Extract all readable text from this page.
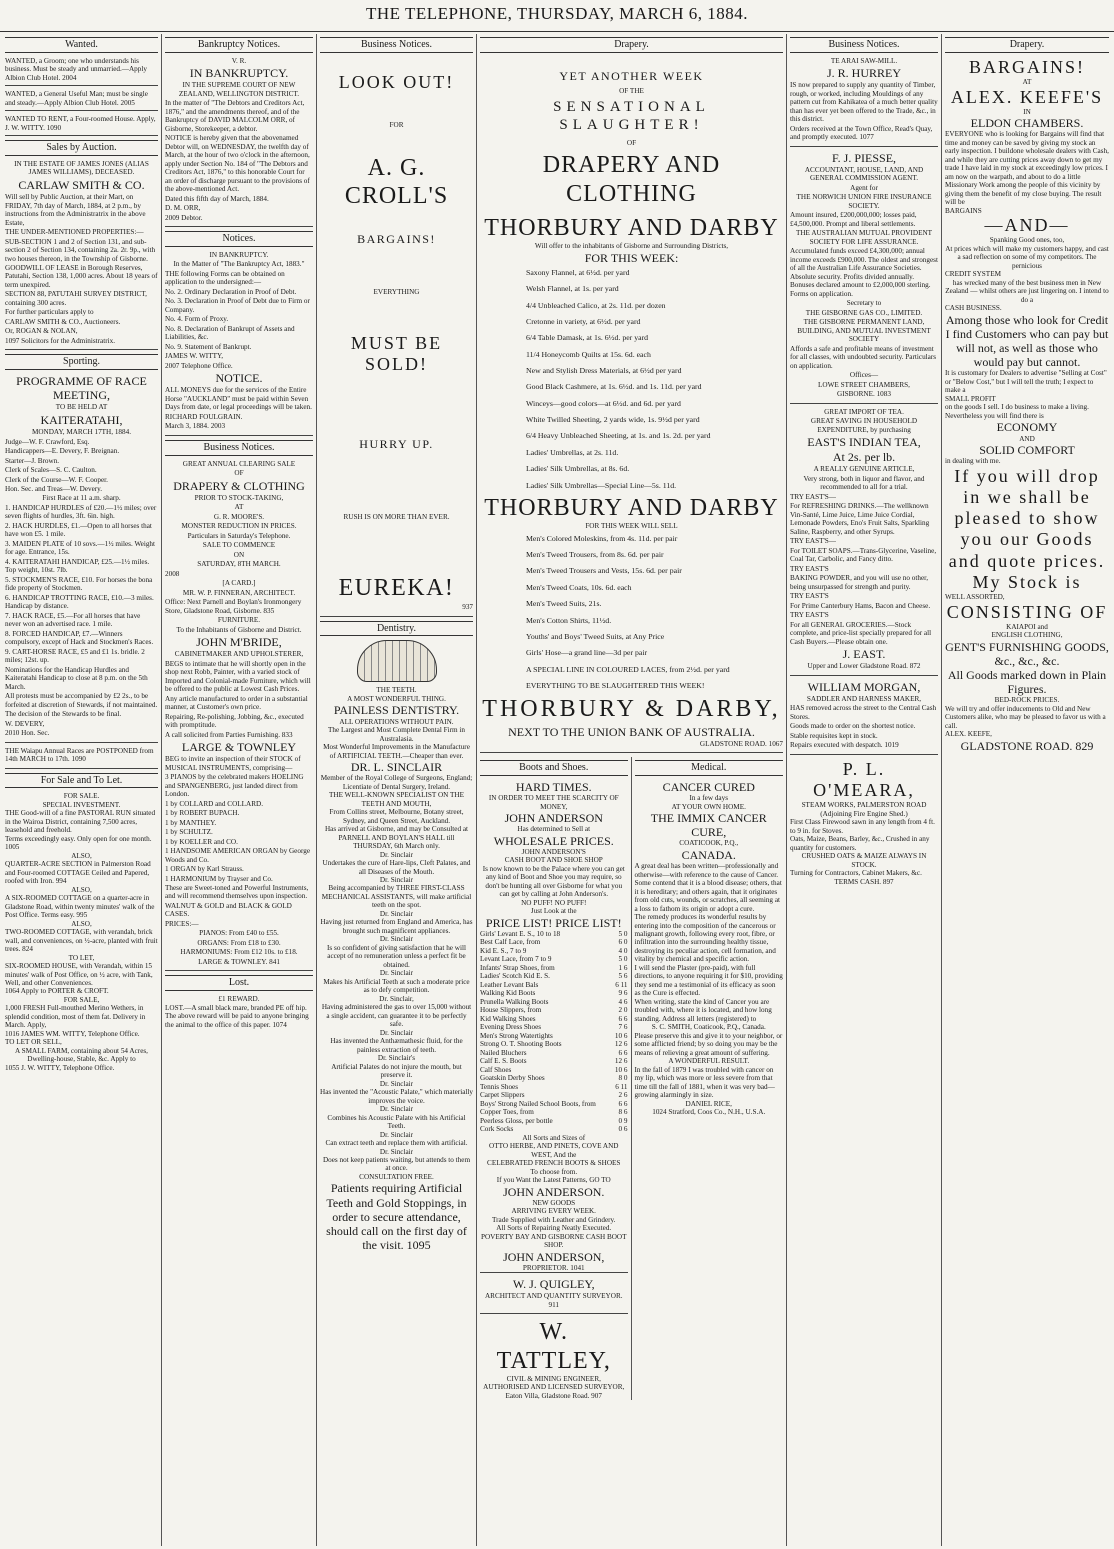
THE TELEPHONE, THURSDAY, MARCH 6, 1884.
Wanted.

WANTED, a Groom; one who understands his business. Must be steady and unmarried.—Apply Albion Club Hotel. 2004

WANTED, a General Useful Man; must be single and steady.—Apply Albion Club Hotel. 2005

WANTED TO RENT, a Four-roomed House. Apply, J. W. WITTY. 1090

Sales by Auction.

IN THE ESTATE OF JAMES JONES (ALIAS JAMES WILLIAMS), DECEASED.

CARLAW SMITH & CO.

Will sell by Public Auction, at their Mart, on FRIDAY, 7th day of March, 1884, at 2 p.m., by instructions from the Administratrix in the above Estate,

THE UNDER-MENTIONED PROPERTIES:—

SUB-SECTION 1 and 2 of Section 131, and sub-section 2 of Section 134, containing 2a. 2r. 9p., with two houses thereon, in the Township of Gisborne.

GOODWILL OF LEASE in Borough Reserves, Patutahi, Section 138, 1,000 acres. About 18 years of term unexpired.

SECTION 88, PATUTAHI SURVEY DISTRICT, containing 300 acres.

For further particulars apply to

CARLAW SMITH & CO., Auctioneers.

Or, ROGAN & NOLAN,

1097 Solicitors for the Administratrix.

Sporting.

PROGRAMME OF RACE MEETING,

TO BE HELD AT

KAITERATAHI,

MONDAY, MARCH 17TH, 1884.

Judge—W. F. Crawford, Esq.

Handicappers—E. Devery, F. Breignan.

Starter—J. Brown.

Clerk of Scales—S. C. Caulton.

Clerk of the Course—W. F. Cooper.

Hon. Sec. and Treas—W. Devery.

First Race at 11 a.m. sharp.

1. HANDICAP HURDLES of £20.—1½ miles; over seven flights of hurdles, 3ft. 6in. high.

2. HACK HURDLES, £1.—Open to all horses that have won £5. 1 mile.

3. MAIDEN PLATE of 10 sovs.—1½ miles. Weight for age. Entrance, 15s.

4. KAITERATAHI HANDICAP, £25.—1½ miles. Top weight, 10st. 7lb.

5. STOCKMEN'S RACE, £10. For horses the bona fide property of Stockmen.

6. HANDICAP TROTTING RACE, £10.—3 miles. Handicap by distance.

7. HACK RACE, £5.—For all horses that have never won an advertised race. 1 mile.

8. FORCED HANDICAP, £7.—Winners compulsory, except of Hack and Stockmen's Races.

9. CART-HORSE RACE, £5 and £1 1s. bridle. 2 miles; 12st. up.

Nominations for the Handicap Hurdles and Kaiteratahi Handicap to close at 8 p.m. on the 5th March.

All protests must be accompanied by £2 2s., to be forfeited at discretion of Stewards, if not maintained.

The decision of the Stewards to be final.

W. DEVERY,

2010 Hon. Sec.

THE Waiapu Annual Races are POSTPONED from 14th MARCH to 17th. 1090

For Sale and To Let.

FOR SALE.

SPECIAL INVESTMENT.

THE Good-will of a fine PASTORAL RUN situated in the Wairoa District, containing 7,500 acres, leasehold and freehold.

Terms exceedingly easy. Only open for one month. 1005

ALSO,

QUARTER-ACRE SECTION in Palmerston Road and Four-roomed COTTAGE Ceiled and Papered, roofed with Iron. 994

ALSO,

A SIX-ROOMED COTTAGE on a quarter-acre in Gladstone Road, within twenty minutes' walk of the Post Office. Terms easy. 995

ALSO,

TWO-ROOMED COTTAGE, with verandah, brick wall, and conveniences, on ½-acre, planted with fruit trees. 824

TO LET,

SIX-ROOMED HOUSE, with Verandah, within 15 minutes' walk of Post Office, on ½ acre, with Tank, Well, and other Conveniences.

1064 Apply to PORTER & CROFT.

FOR SALE,

1,000 FRESH Full-mouthed Merino Wethers, in splendid condition, most of them fat. Delivery in March. Apply,

1016 JAMES WM. WITTY, Telephone Office.

TO LET OR SELL,

A SMALL FARM, containing about 54 Acres, Dwelling-house, Stable, &c. Apply to

1055 J. W. WITTY, Telephone Office.

Bankruptcy Notices.

V. R.

IN BANKRUPTCY.

IN THE SUPREME COURT OF NEW ZEALAND, WELLINGTON DISTRICT.

In the matter of "The Debtors and Creditors Act, 1876," and the amendments thereof, and of the Bankruptcy of DAVID MALCOLM ORR, of Gisborne, Storekeeper, a debtor.

NOTICE is hereby given that the abovenamed Debtor will, on WEDNESDAY, the twelfth day of March, at the hour of two o'clock in the afternoon, apply under Section No. 184 of "The Debtors and Creditors Act, 1876," to this honorable Court for an order of discharge pursuant to the provisions of the above-mentioned Act.

Dated this fifth day of March, 1884.

D. M. ORR,

2009 Debtor.

Notices.

IN BANKRUPTCY.

In the Matter of "The Bankruptcy Act, 1883."

THE following Forms can be obtained on application to the undersigned:—

No. 2. Ordinary Declaration in Proof of Debt.

No. 3. Declaration in Proof of Debt due to Firm or Company.

No. 4. Form of Proxy.

No. 8. Declaration of Bankrupt of Assets and Liabilities, &c.

No. 9. Statement of Bankrupt.

JAMES W. WITTY,

2007 Telephone Office.

NOTICE.

ALL MONEYS due for the services of the Entire Horse "AUCKLAND" must be paid within Seven Days from date, or legal proceedings will be taken.

RICHARD FOULGRAIN.

March 3, 1884. 2003

Business Notices.

GREAT ANNUAL CLEARING SALE

OF

DRAPERY & CLOTHING

PRIOR TO STOCK-TAKING,

AT

G. R. MOORE'S.

MONSTER REDUCTION IN PRICES.

Particulars in Saturday's Telephone.

SALE TO COMMENCE

ON

SATURDAY, 8TH MARCH.

2008

[A CARD.]

MR. W. P. FINNERAN, ARCHITECT.

Office: Next Parnell and Boylan's Ironmongery Store, Gladstone Road, Gisborne. 835

FURNITURE.

To the Inhabitants of Gisborne and District.

JOHN M'BRIDE,

CABINETMAKER AND UPHOLSTERER,

BEGS to intimate that he will shortly open in the shop next Robb, Painter, with a varied stock of Imported and Colonial-made Furniture, which will be offered to the public at Lowest Cash Prices.

Any article manufactured to order in a substantial manner, at Customer's own price.

Repairing, Re-polishing, Jobbing, &c., executed with promptitude.

A call solicited from Parties Furnishing. 833

LARGE & TOWNLEY

BEG to invite an inspection of their STOCK of MUSICAL INSTRUMENTS, comprising—

3 PIANOS by the celebrated makers HOELING and SPANGENBERG, just landed direct from London.

1 by COLLARD and COLLARD.

1 by ROBERT BUPACH.

1 by MANTHEY.

1 by SCHULTZ.

1 by KOELLER and CO.

1 HANDSOME AMERICAN ORGAN by George Woods and Co.

1 ORGAN by Karl Strauss.

1 HARMONIUM by Trayser and Co.

These are Sweet-toned and Powerful Instruments, and will recommend themselves upon inspection.

WALNUT & GOLD and BLACK & GOLD CASES.

PRICES:—

PIANOS: From £40 to £55.

ORGANS: From £18 to £30.

HARMONIUMS: From £12 10s. to £18.

LARGE & TOWNLEY. 841

Lost.

£1 REWARD.

LOST.—A small black mare, branded PE off hip. The above reward will be paid to anyone bringing the animal to the office of this paper. 1074

Business Notices.

LOOK OUT!

FOR

A. G. CROLL'S

BARGAINS!

EVERYTHING

MUST BE SOLD!

HURRY UP.

RUSH IS ON MORE THAN EVER.

EUREKA!

937

Dentistry.

THE TEETH.

A MOST WONDERFUL THING.

PAINLESS DENTISTRY.

ALL OPERATIONS WITHOUT PAIN.

The Largest and Most Complete Dental Firm in Australasia.

Most Wonderful Improvements in the Manufacture of ARTIFICIAL TEETH.—Cheaper than ever.

DR. L. SINCLAIR

Member of the Royal College of Surgeons, England; Licentiate of Dental Surgery, Ireland.

THE WELL-KNOWN SPECIALIST ON THE TEETH AND MOUTH,

From Collins street, Melbourne, Botany street, Sydney, and Queen Street, Auckland.

Has arrived at Gisborne, and may be Consulted at PARNELL AND BOYLAN'S HALL till THURSDAY, 6th March only.

Dr. Sinclair

Undertakes the cure of Hare-lips, Cleft Palates, and all Diseases of the Mouth.

Dr. Sinclair

Being accompanied by THREE FIRST-CLASS MECHANICAL ASSISTANTS, will make artificial teeth on the spot.

Dr. Sinclair

Having just returned from England and America, has brought such magnificent appliances.

Dr. Sinclair

Is so confident of giving satisfaction that he will accept of no remuneration unless a perfect fit be obtained.

Dr. Sinclair

Makes his Artificial Teeth at such a moderate price as to defy competition.

Dr. Sinclair,

Having administered the gas to over 15,000 without a single accident, can guarantee it to be perfectly safe.

Dr. Sinclair

Has invented the Anthæmathesic fluid, for the painless extraction of teeth.

Dr. Sinclair's

Artificial Palates do not injure the mouth, but preserve it.

Dr. Sinclair

Has invented the "Acoustic Palate," which materially improves the voice.

Dr. Sinclair

Combines his Acoustic Palate with his Artificial Teeth.

Dr. Sinclair

Can extract teeth and replace them with artificial.

Dr. Sinclair

Does not keep patients waiting, but attends to them at once.

CONSULTATION FREE.

Patients requiring Artificial Teeth and Gold Stoppings, in order to secure attendance, should call on the first day of the visit. 1095

Drapery.

YET ANOTHER WEEK

OF THE

SENSATIONAL SLAUGHTER!

OF

DRAPERY AND CLOTHING

THORBURY AND DARBY

Will offer to the inhabitants of Gisborne and Surrounding Districts,

FOR THIS WEEK:

Saxony Flannel, at 6½d. per yard

Welsh Flannel, at 1s. per yard

4/4 Unbleached Calico, at 2s. 11d. per dozen

Cretonne in variety, at 6½d. per yard

6/4 Table Damask, at 1s. 6½d. per yard

11/4 Honeycomb Quilts at 15s. 6d. each

New and Stylish Dress Materials, at 6½d per yard

Good Black Cashmere, at 1s. 6½d. and 1s. 11d. per yard

Winceys—good colors—at 6½d. and 6d. per yard

White Twilled Sheeting, 2 yards wide, 1s. 9½d per yard

6/4 Heavy Unbleached Sheeting, at 1s. and 1s. 2d. per yard

Ladies' Umbrellas, at 2s. 11d.

Ladies' Silk Umbrellas, at 8s. 6d.

Ladies' Silk Umbrellas—Special Line—5s. 11d.

THORBURY AND DARBY

FOR THIS WEEK WILL SELL

Men's Colored Moleskins, from 4s. 11d. per pair

Men's Tweed Trousers, from 8s. 6d. per pair

Men's Tweed Trousers and Vests, 15s. 6d. per pair

Men's Tweed Coats, 10s. 6d. each

Men's Tweed Suits, 21s.

Men's Cotton Shirts, 11½d.

Youths' and Boys' Tweed Suits, at Any Price

Girls' Hose—a grand line—3d per pair

A SPECIAL LINE IN COLOURED LACES, from 2½d. per yard

EVERYTHING TO BE SLAUGHTERED THIS WEEK!

THORBURY & DARBY,

NEXT TO THE UNION BANK OF AUSTRALIA.

GLADSTONE ROAD. 1067

Boots and Shoes.

HARD TIMES.

IN ORDER TO MEET THE SCARCITY OF MONEY,

JOHN ANDERSON

Has determined to Sell at

WHOLESALE PRICES.

JOHN ANDERSON'S

CASH BOOT AND SHOE SHOP

Is now known to be the Palace where you can get any kind of Boot and Shoe you may require, so don't be hunting all over Gisborne for what you can get by calling at John Anderson's.

NO PUFF! NO PUFF!

Just Look at the

PRICE LIST! PRICE LIST!

Girls' Levant E. S., 10 to 18	5 0
Best Calf Lace, from	6 0
Kid E. S., 7 to 9	4 0
Levant Lace, from 7 to 9	5 0
Infants' Strap Shoes, from	1 6
Ladies' Scotch Kid E. S.	5 6
Leather Levant Bals	6 11
Walking Kid Boots	9 6
Prunella Walking Boots	4 6
House Slippers, from	2 0
Kid Walking Shoes	6 6
Evening Dress Shoes	7 6
Men's Strong Watertights	10 6
Strong O. T. Shooting Boots	12 6
Nailed Bluchers	6 6
Calf E. S. Boots	12 6
Calf Shoes	10 6
Goatskin Derby Shoes	8 0
Tennis Shoes	6 11
Carpet Slippers	2 6
Boys' Strong Nailed School Boots, from	6 6
Copper Toes, from	8 6
Peerless Gloss, per bottle	0 9
Cork Socks	0 6

All Sorts and Sizes of

OTTO HERBE, AND PINETS, COVE AND WEST, And the

CELEBRATED FRENCH BOOTS & SHOES

To choose from.

If you Want the Latest Patterns, GO TO

JOHN ANDERSON.

NEW GOODS

ARRIVING EVERY WEEK.

Trade Supplied with Leather and Grindery.

All Sorts of Repairing Neatly Executed.

POVERTY BAY AND GISBORNE CASH BOOT SHOP.

JOHN ANDERSON,

PROPRIETOR. 1041

W. J. QUIGLEY,

ARCHITECT AND QUANTITY SURVEYOR. 911

W. TATTLEY,

CIVIL & MINING ENGINEER,

AUTHORISED AND LICENSED SURVEYOR,

Eaton Villa, Gladstone Road. 907

Medical.

CANCER CURED

In a few days

AT YOUR OWN HOME.

THE IMMIX CANCER CURE,

COATICOOK, P.Q.,

CANADA.

A great deal has been written—professionally and otherwise—with reference to the cause of Cancer. Some contend that it is a blood disease; others, that it is hereditary; and others again, that it originates from old cuts, wounds, or scratches, all seeming at a loss to fathom its origin or adopt a cure.

The remedy produces its wonderful results by entering into the composition of the cancerous or malignant growth, following every root, fibre, or infiltration into the surrounding healthy tissue, destroying its peculiar action, cell formation, and vitality by chemical and specific action.

I will send the Plaster (pre-paid), with full directions, to anyone requiring it for $10, providing they send me a testimonial of its efficacy as soon as the Cure is effected.

When writing, state the kind of Cancer you are troubled with, where it is located, and how long standing. Address all letters (registered) to

S. C. SMITH, Coaticook, P.Q., Canada.

Please preserve this and give it to your neighbor, or some afflicted friend; by so doing you may be the means of relieving a great amount of suffering.

A WONDERFUL RESULT.

In the fall of 1879 I was troubled with cancer on my lip, which was more or less severe from that time till the fall of 1881, when it was very bad—growing alarmingly in size.

DANIEL RICE,

1024 Stratford, Coos Co., N.H., U.S.A.

Business Notices.

TE ARAI SAW-MILL.

J. R. HURREY

IS now prepared to supply any quantity of Timber, rough, or worked, including Mouldings of any pattern cut from Kahikatea of a much better quality than has ever yet been offered to the Trade, &c., in this district.

Orders received at the Town Office, Read's Quay, and promptly executed. 1077

F. J. PIESSE,

ACCOUNTANT, HOUSE, LAND, AND GENERAL COMMISSION AGENT.

Agent for

THE NORWICH UNION FIRE INSURANCE SOCIETY.

Amount insured, £200,000,000; losses paid, £4,500,000. Prompt and liberal settlements.

THE AUSTRALIAN MUTUAL PROVIDENT SOCIETY FOR LIFE ASSURANCE.

Accumulated funds exceed £4,300,000; annual income exceeds £900,000. The oldest and strongest of all the Australian Life Assurance Societies. Absolute security. Profits divided annually. Bonuses declared amount to £2,000,000 sterling. Forms on application.

Secretary to

THE GISBORNE GAS CO., LIMITED.

THE GISBORNE PERMANENT LAND, BUILDING, AND MUTUAL INVESTMENT SOCIETY

Affords a safe and profitable means of investment for all classes, with undoubted security. Particulars on application.

Offices—

LOWE STREET CHAMBERS,

GISBORNE. 1083

GREAT IMPORT OF TEA.

GREAT SAVING IN HOUSEHOLD EXPENDITURE, by purchasing

EAST'S INDIAN TEA,

At 2s. per lb.

A REALLY GENUINE ARTICLE,

Very strong, both in liquor and flavor, and recommended to all for a trial.

TRY EAST'S—

For REFRESHING DRINKS.—The wellknown Vin-Santé, Lime Juice, Lime Juice Cordial, Lemonade Powders, Eno's Fruit Salts, Sparkling Saline, Raspberry, and other Syrups.

TRY EAST'S—

For TOILET SOAPS.—Trans-Glycerine, Vaseline, Coal Tar, Carbolic, and Fancy ditto.

TRY EAST'S

BAKING POWDER, and you will use no other, being unsurpassed for strength and purity.

TRY EAST'S

For Prime Canterbury Hams, Bacon and Cheese.

TRY EAST'S

For all GENERAL GROCERIES.—Stock complete, and price-list specially prepared for all Cash Buyers.—Please obtain one.

J. EAST.

Upper and Lower Gladstone Road. 872

WILLIAM MORGAN,

SADDLER AND HARNESS MAKER,

HAS removed across the street to the Central Cash Stores.

Goods made to order on the shortest notice.

Stable requisites kept in stock.

Repairs executed with despatch. 1019

P. L. O'MEARA,

STEAM WORKS, PALMERSTON ROAD

(Adjoining Fire Engine Shed.)

First Class Firewood sawn in any length from 4 ft. to 9 in. for Stoves.

Oats, Maize, Beans, Barley, &c., Crushed in any quantity for customers.

CRUSHED OATS & MAIZE ALWAYS IN STOCK.

Turning for Contractors, Cabinet Makers, &c.

TERMS CASH. 897

Drapery.

BARGAINS!

AT

ALEX. KEEFE'S

IN

ELDON CHAMBERS.

EVERYONE who is looking for Bargains will find that time and money can be saved by giving my stock an early inspection. I buildone wholesale dealers with Cash, and while they are cutting prices away down to get my trade I have laid in my stock at exceedingly low prices. I am now on the warpath, and about to do a little Missionary Work among the people of this vicinity by giving them the benefit of my close buying. The result will be

BARGAINS

—AND—

Spanking Good ones, too,

At prices which will make my customers happy, and cast a sad reflection on some of my competitors. The pernicious

CREDIT SYSTEM

has wrecked many of the best business men in New Zealand — whilst others are just lingering on. I intend to do a

CASH BUSINESS.

Among those who look for Credit I find Customers who can pay but will not, as well as those who would pay but cannot.

It is customary for Dealers to advertise "Selling at Cost" or "Below Cost," but I will tell the truth; I expect to make a

SMALL PROFIT

on the goods I sell. I do business to make a living. Nevertheless you will find there is

ECONOMY

AND

SOLID COMFORT

in dealing with me.

If you will drop in we shall be pleased to show you our Goods and quote prices. My Stock is

WELL ASSORTED,

CONSISTING OF

KAIAPOI and

ENGLISH CLOTHING,

GENT'S FURNISHING GOODS,

&c., &c., &c.

All Goods marked down in Plain Figures.

BED-ROCK PRICES.

We will try and offer inducements to Old and New Customers alike, who may be pleased to favor us with a call.

ALEX. KEEFE,

GLADSTONE ROAD. 829
